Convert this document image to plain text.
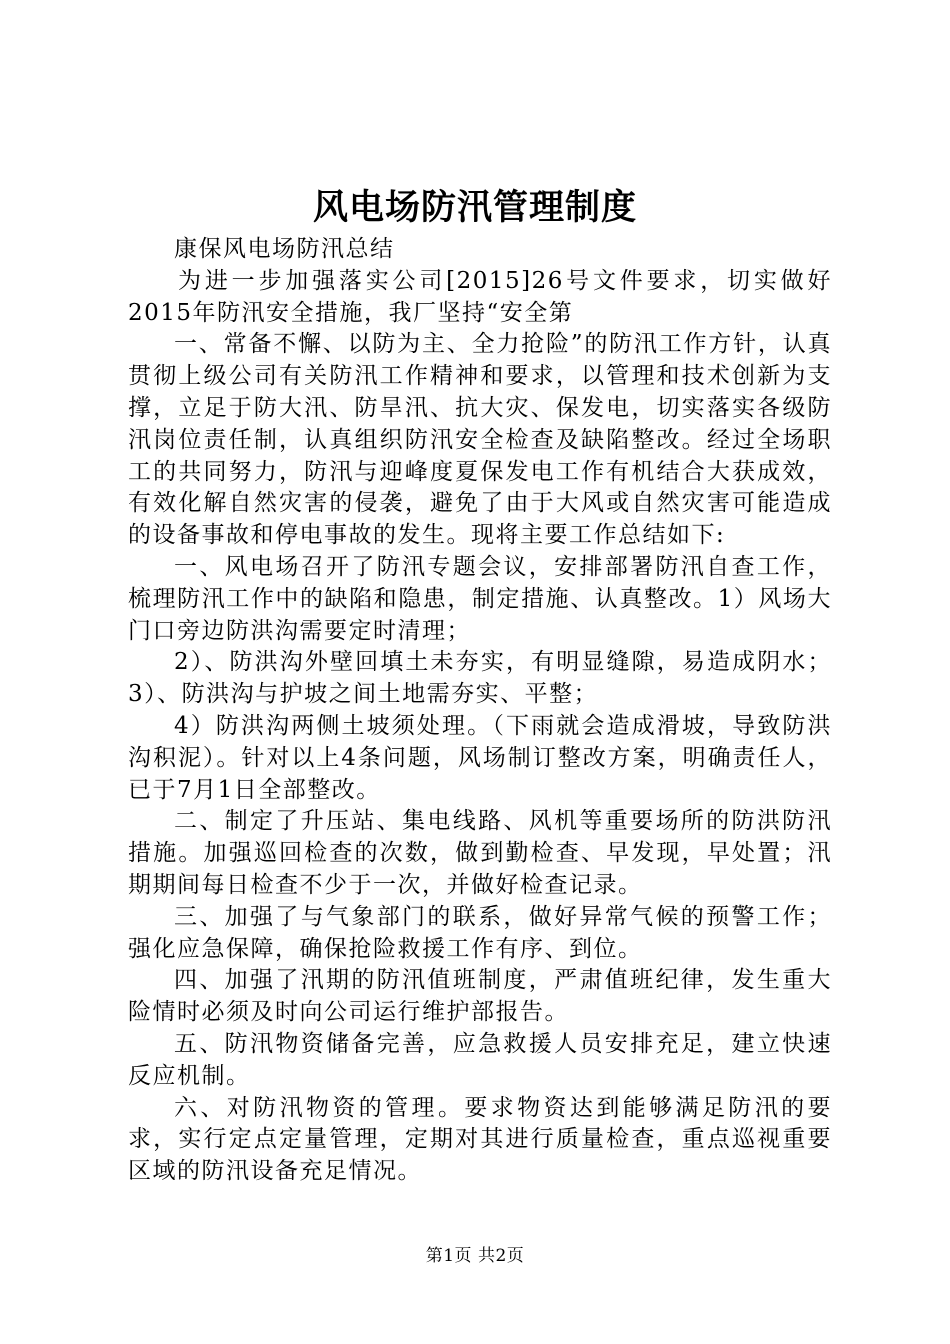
风电场防汛管理制度

康保风电场防汛总结

为进一步加强落实公司[2015]26号文件要求，切实做好2015年防汛安全措施，我厂坚持“安全第

一、常备不懈、以防为主、全力抢险”的防汛工作方针，认真贯彻上级公司有关防汛工作精神和要求，以管理和技术创新为支撑，立足于防大汛、防旱汛、抗大灾、保发电，切实落实各级防汛岗位责任制，认真组织防汛安全检查及缺陷整改。经过全场职工的共同努力，防汛与迎峰度夏保发电工作有机结合大获成效，有效化解自然灾害的侵袭，避免了由于大风或自然灾害可能造成的设备事故和停电事故的发生。现将主要工作总结如下:

一、风电场召开了防汛专题会议，安排部署防汛自查工作，梳理防汛工作中的缺陷和隐患，制定措施、认真整改。1）风场大门口旁边防洪沟需要定时清理；

2）、防洪沟外壁回填土未夯实，有明显缝隙，易造成阴水；3）、防洪沟与护坡之间土地需夯实、平整；

4）防洪沟两侧土坡须处理。（下雨就会造成滑坡，导致防洪沟积泥）。针对以上4条问题，风场制订整改方案，明确责任人，已于7月1日全部整改。

二、制定了升压站、集电线路、风机等重要场所的防洪防汛措施。加强巡回检查的次数，做到勤检查、早发现，早处置；汛期期间每日检查不少于一次，并做好检查记录。

三、加强了与气象部门的联系，做好异常气候的预警工作；强化应急保障，确保抢险救援工作有序、到位。

四、加强了汛期的防汛值班制度，严肃值班纪律，发生重大险情时必须及时向公司运行维护部报告。

五、防汛物资储备完善，应急救援人员安排充足，建立快速反应机制。

六、对防汛物资的管理。要求物资达到能够满足防汛的要求，实行定点定量管理，定期对其进行质量检查，重点巡视重要区域的防汛设备充足情况。

第1页 共2页
